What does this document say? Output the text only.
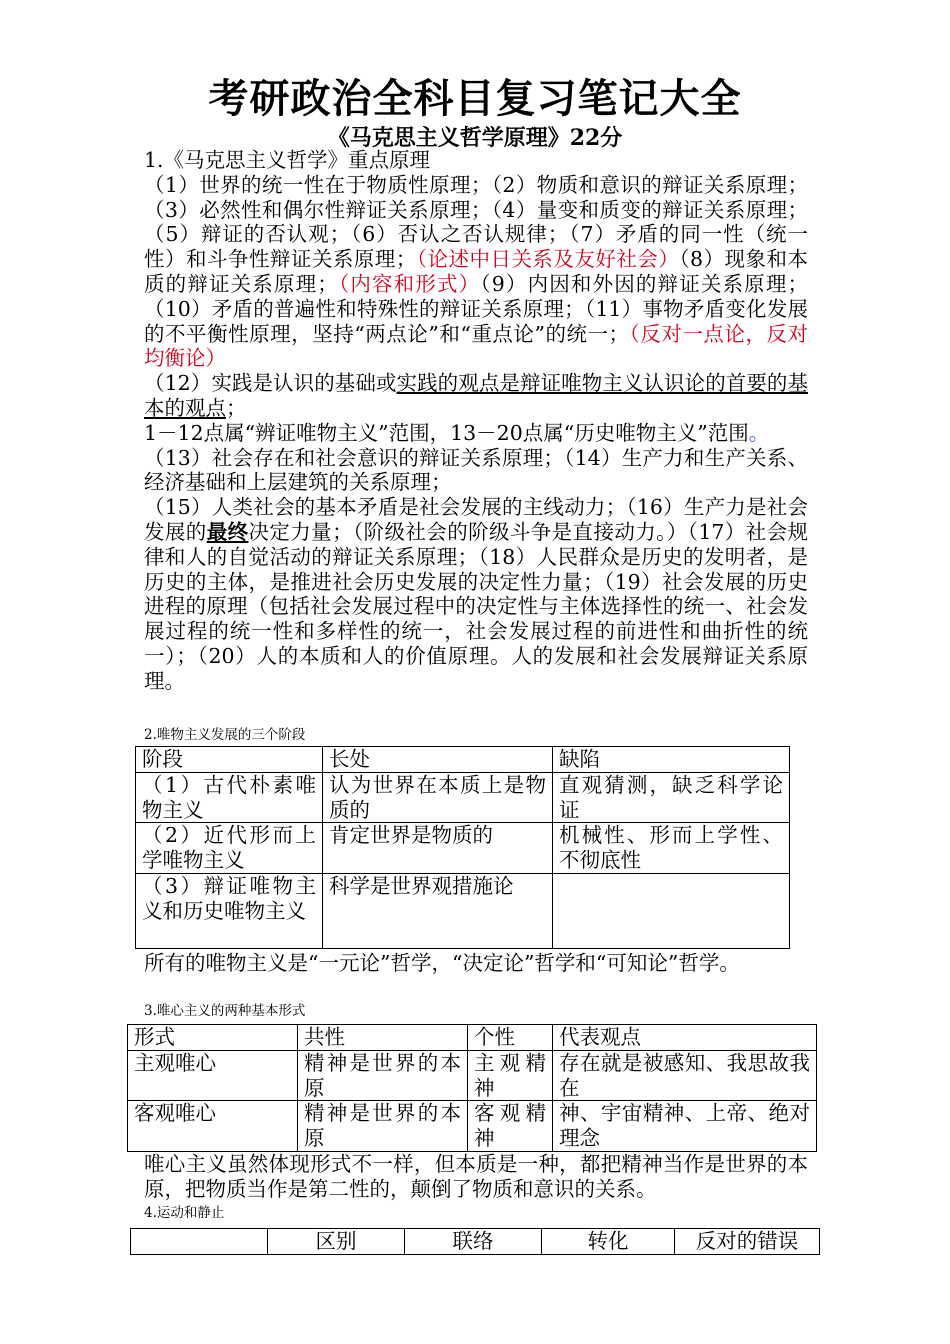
考研政治全科目复习笔记大全
《马克思主义哲学原理》22分

1.《马克思主义哲学》重点原理

（1）世界的统一性在于物质性原理；（2）物质和意识的辩证关系原理；（3）必然性和偶尔性辩证关系原理；（4）量变和质变的辩证关系原理；（5）辩证的否认观；（6）否认之否认规律；（7）矛盾的同一性（统一性）和斗争性辩证关系原理；（论述中日关系及友好社会）（8）现象和本质的辩证关系原理；（内容和形式）（9）内因和外因的辩证关系原理；（10）矛盾的普遍性和特殊性的辩证关系原理；（11）事物矛盾变化发展的不平衡性原理，坚持“两点论”和“重点论”的统一；（反对一点论，反对均衡论）

（12）实践是认识的基础或实践的观点是辩证唯物主义认识论的首要的基本的观点；

1－12点属“辨证唯物主义”范围，13－20点属“历史唯物主义”范围。

（13）社会存在和社会意识的辩证关系原理；（14）生产力和生产关系、经济基础和上层建筑的关系原理；

（15）人类社会的基本矛盾是社会发展的主线动力；（16）生产力是社会发展的最终决定力量；（阶级社会的阶级斗争是直接动力。）（17）社会规律和人的自觉活动的辩证关系原理；（18）人民群众是历史的发明者，是历史的主体，是推进社会历史发展的决定性力量；（19）社会发展的历史进程的原理（包括社会发展过程中的决定性与主体选择性的统一、社会发展过程的统一性和多样性的统一，社会发展过程的前进性和曲折性的统一）；（20）人的本质和人的价值原理。人的发展和社会发展辩证关系原理。

2.唯物主义发展的三个阶段
阶段	长处	缺陷
（1）古代朴素唯物主义	认为世界在本质上是物质的	直观猜测，缺乏科学论证
（2）近代形而上学唯物主义	肯定世界是物质的	机械性、形而上学性、不彻底性
（3）辩证唯物主义和历史唯物主义	科学是世界观措施论	
所有的唯物主义是“一元论”哲学，“决定论”哲学和“可知论”哲学。
3.唯心主义的两种基本形式
形式	共性	个性	代表观点
主观唯心	精神是世界的本原	主观精神	存在就是被感知、我思故我在
客观唯心	精神是世界的本原	客观精神	神、宇宙精神、上帝、绝对理念
唯心主义虽然体现形式不一样，但本质是一种，都把精神当作是世界的本原，把物质当作是第二性的，颠倒了物质和意识的关系。
4.运动和静止
	区别	联络	转化	反对的错误
